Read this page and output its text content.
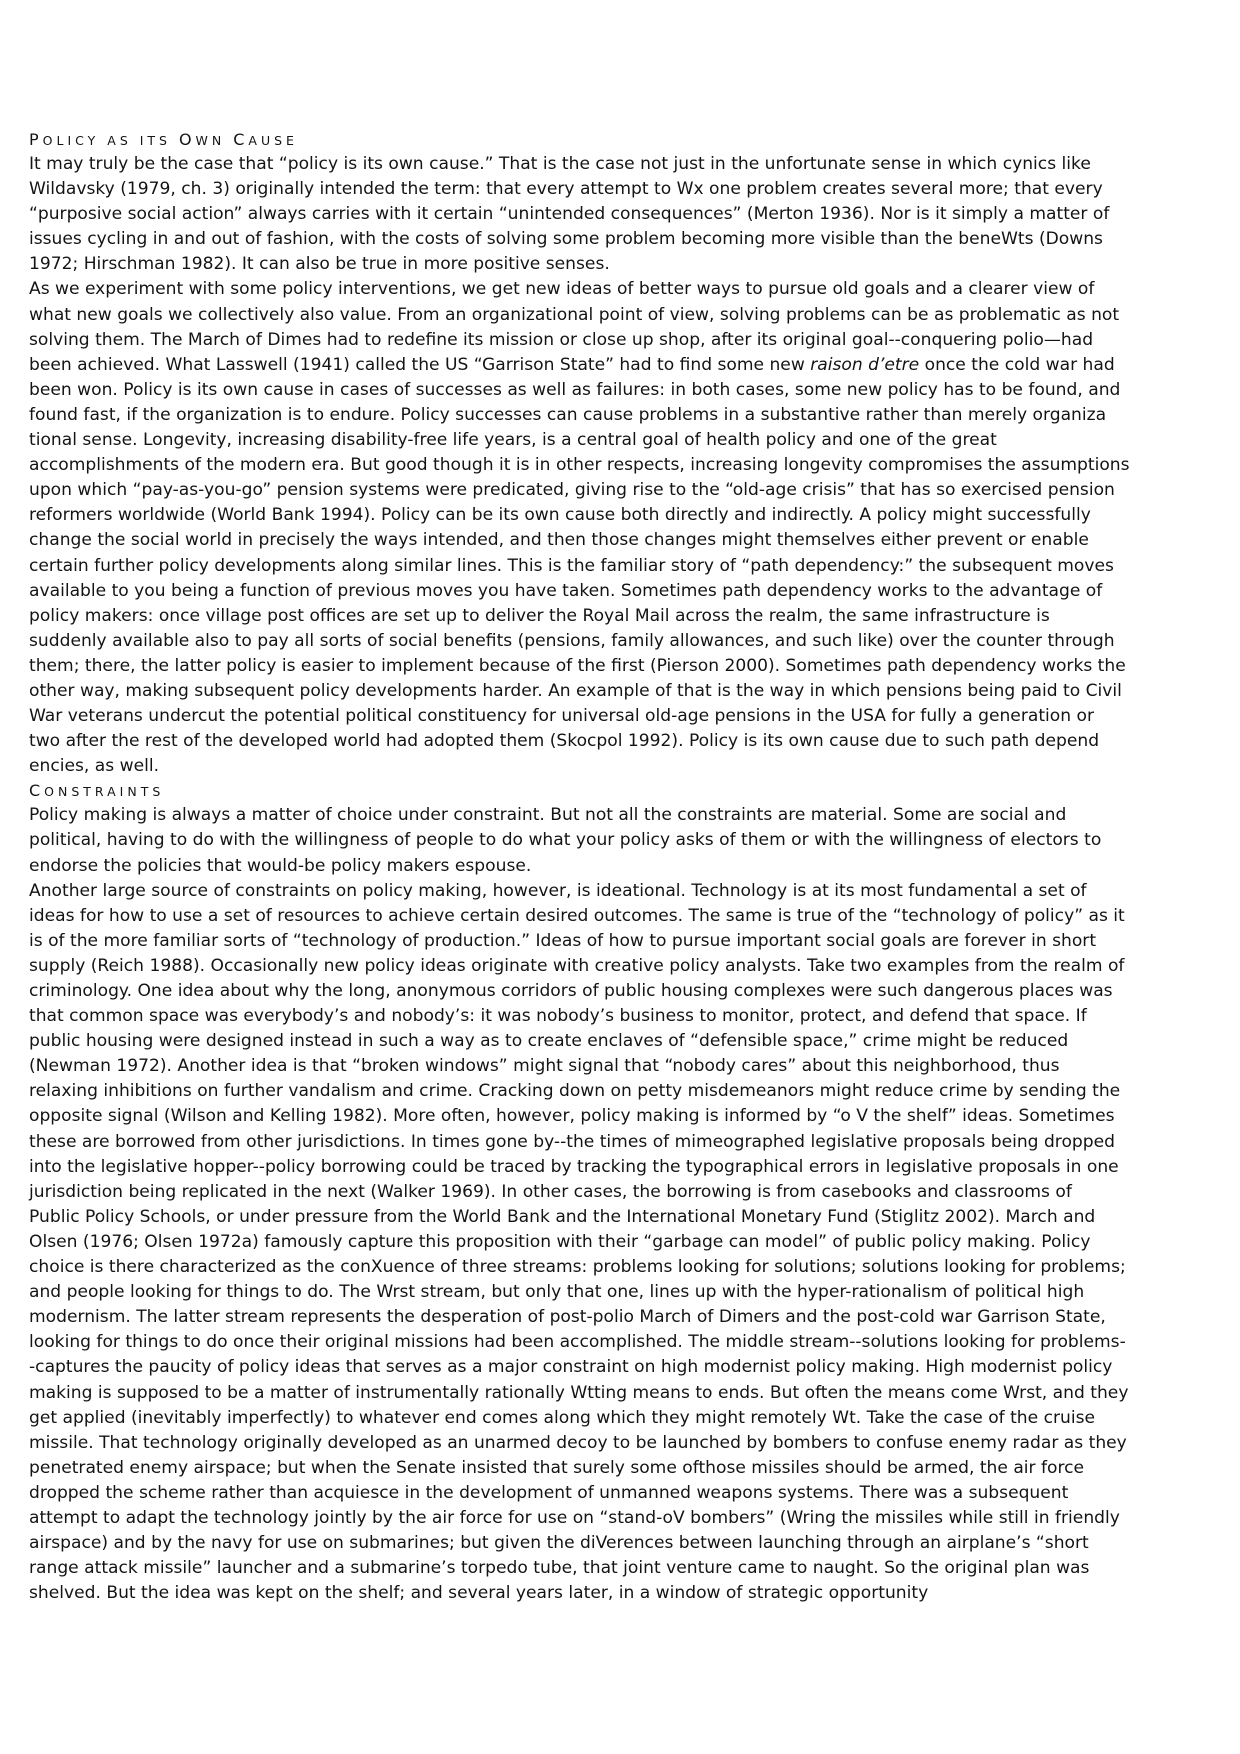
POLICY AS ITS OWN CAUSE
It may truly be the case that “policy is its own cause.” That is the case not just in the unfortunate sense in which cynics like
Wildavsky (1979, ch. 3) originally intended the term: that every attempt to Wx one problem creates several more; that every
“purposive social action” always carries with it certain “unintended consequences” (Merton 1936). Nor is it simply a matter of
issues cycling in and out of fashion, with the costs of solving some problem becoming more visible than the beneWts (Downs
1972; Hirschman 1982). It can also be true in more positive senses.
As we experiment with some policy interventions, we get new ideas of better ways to pursue old goals and a clearer view of
what new goals we collectively also value. From an organizational point of view, solving problems can be as problematic as not
solving them. The March of Dimes had to redefine its mission or close up shop, after its original goal--conquering polio—had
been achieved. What Lasswell (1941) called the US “Garrison State” had to find some new raison d’etre once the cold war had
been won. Policy is its own cause in cases of successes as well as failures: in both cases, some new policy has to be found, and
found fast, if the organization is to endure. Policy successes can cause problems in a substantive rather than merely organiza
tional sense. Longevity, increasing disability-free life years, is a central goal of health policy and one of the great
accomplishments of the modern era. But good though it is in other respects, increasing longevity compromises the assumptions
upon which “pay-as-you-go” pension systems were predicated, giving rise to the “old-age crisis” that has so exercised pension
reformers worldwide (World Bank 1994). Policy can be its own cause both directly and indirectly. A policy might successfully
change the social world in precisely the ways intended, and then those changes might themselves either prevent or enable
certain further policy developments along similar lines. This is the familiar story of “path dependency:” the subsequent moves
available to you being a function of previous moves you have taken. Sometimes path dependency works to the advantage of
policy makers: once village post offices are set up to deliver the Royal Mail across the realm, the same infrastructure is
suddenly available also to pay all sorts of social benefits (pensions, family allowances, and such like) over the counter through
them; there, the latter policy is easier to implement because of the first (Pierson 2000). Sometimes path dependency works the
other way, making subsequent policy developments harder. An example of that is the way in which pensions being paid to Civil
War veterans undercut the potential political constituency for universal old-age pensions in the USA for fully a generation or
two after the rest of the developed world had adopted them (Skocpol 1992). Policy is its own cause due to such path depend
encies, as well.
CONSTRAINTS
Policy making is always a matter of choice under constraint. But not all the constraints are material. Some are social and
political, having to do with the willingness of people to do what your policy asks of them or with the willingness of electors to
endorse the policies that would-be policy makers espouse.
Another large source of constraints on policy making, however, is ideational. Technology is at its most fundamental a set of
ideas for how to use a set of resources to achieve certain desired outcomes. The same is true of the “technology of policy” as it
is of the more familiar sorts of “technology of production.” Ideas of how to pursue important social goals are forever in short
supply (Reich 1988). Occasionally new policy ideas originate with creative policy analysts. Take two examples from the realm of
criminology. One idea about why the long, anonymous corridors of public housing complexes were such dangerous places was
that common space was everybody’s and nobody’s: it was nobody’s business to monitor, protect, and defend that space. If
public housing were designed instead in such a way as to create enclaves of “defensible space,” crime might be reduced
(Newman 1972). Another idea is that “broken windows” might signal that “nobody cares” about this neighborhood, thus
relaxing inhibitions on further vandalism and crime. Cracking down on petty misdemeanors might reduce crime by sending the
opposite signal (Wilson and Kelling 1982). More often, however, policy making is informed by “o V the shelf” ideas. Sometimes
these are borrowed from other jurisdictions. In times gone by--the times of mimeographed legislative proposals being dropped
into the legislative hopper--policy borrowing could be traced by tracking the typographical errors in legislative proposals in one
jurisdiction being replicated in the next (Walker 1969). In other cases, the borrowing is from casebooks and classrooms of
Public Policy Schools, or under pressure from the World Bank and the International Monetary Fund (Stiglitz 2002). March and
Olsen (1976; Olsen 1972a) famously capture this proposition with their “garbage can model” of public policy making. Policy
choice is there characterized as the conXuence of three streams: problems looking for solutions; solutions looking for problems;
and people looking for things to do. The Wrst stream, but only that one, lines up with the hyper-rationalism of political high
modernism. The latter stream represents the desperation of post-polio March of Dimers and the post-cold war Garrison State,
looking for things to do once their original missions had been accomplished. The middle stream--solutions looking for problems-
-captures the paucity of policy ideas that serves as a major constraint on high modernist policy making. High modernist policy
making is supposed to be a matter of instrumentally rationally Wtting means to ends. But often the means come Wrst, and they
get applied (inevitably imperfectly) to whatever end comes along which they might remotely Wt. Take the case of the cruise
missile. That technology originally developed as an unarmed decoy to be launched by bombers to confuse enemy radar as they
penetrated enemy airspace; but when the Senate insisted that surely some ofthose missiles should be armed, the air force
dropped the scheme rather than acquiesce in the development of unmanned weapons systems. There was a subsequent
attempt to adapt the technology jointly by the air force for use on “stand-oV bombers” (Wring the missiles while still in friendly
airspace) and by the navy for use on submarines; but given the diVerences between launching through an airplane’s “short
range attack missile” launcher and a submarine’s torpedo tube, that joint venture came to naught. So the original plan was
shelved. But the idea was kept on the shelf; and several years later, in a window of strategic opportunity
